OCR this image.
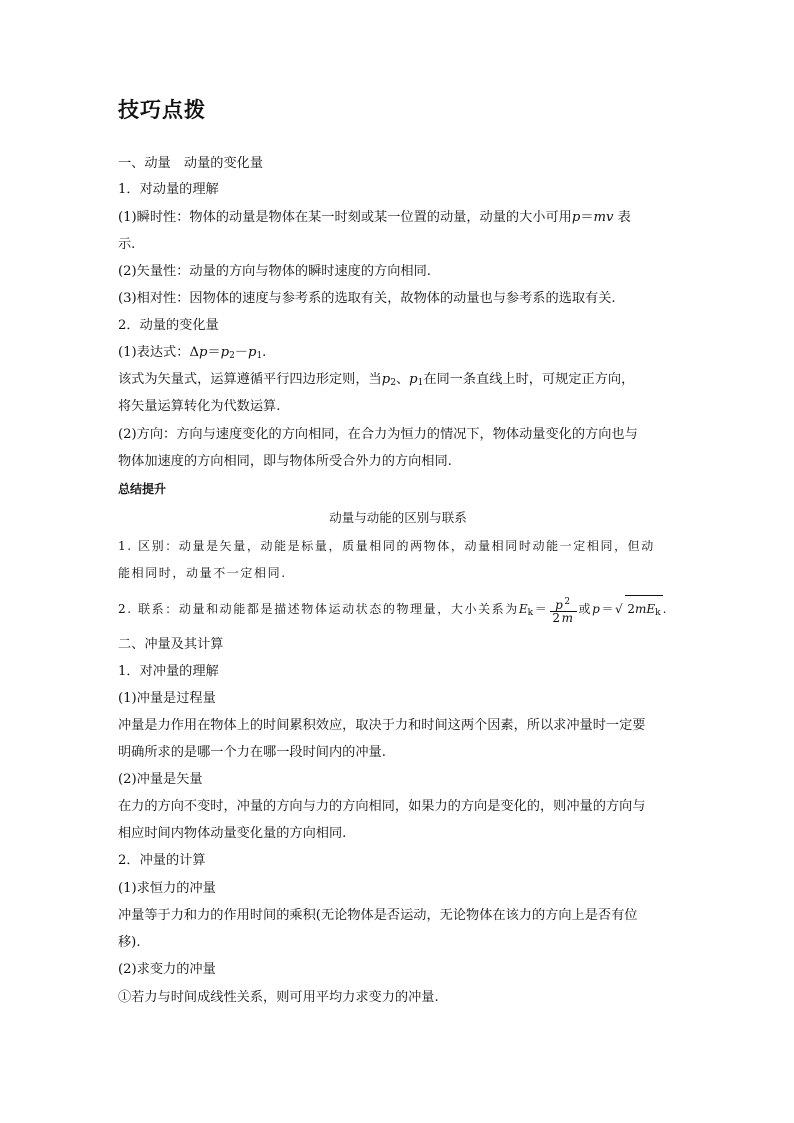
技巧点拨
一、动量　动量的变化量
1．对动量的理解
(1)瞬时性：物体的动量是物体在某一时刻或某一位置的动量，动量的大小可用p＝mv 表
示.
(2)矢量性：动量的方向与物体的瞬时速度的方向相同.
(3)相对性：因物体的速度与参考系的选取有关，故物体的动量也与参考系的选取有关.
2．动量的变化量
(1)表达式：$\Delta p=p_2-p_1$.
该式为矢量式，运算遵循平行四边形定则，当$p_2$、$p_1$在同一条直线上时，可规定正方向，
将矢量运算转化为代数运算.
(2)方向：方向与速度变化的方向相同，在合力为恒力的情况下，物体动量变化的方向也与
物体加速度的方向相同，即与物体所受合外力的方向相同.
总结提升
动量与动能的区别与联系
1. 区别：动量是矢量，动能是标量，质量相同的两物体，动量相同时动能一定相同，但动
能相同时，动量不一定相同.
2. 联系：动量和动能都是描述物体运动状态的物理量，大小关系为$E_k= \frac{p^2}{2m}$ 或p＝√ $2mE_k$ .
二、冲量及其计算
1．对冲量的理解
(1)冲量是过程量
冲量是力作用在物体上的时间累积效应，取决于力和时间这两个因素，所以求冲量时一定要
明确所求的是哪一个力在哪一段时间内的冲量.
(2)冲量是矢量
在力的方向不变时，冲量的方向与力的方向相同，如果力的方向是变化的，则冲量的方向与
相应时间内物体动量变化量的方向相同.
2．冲量的计算
(1)求恒力的冲量
冲量等于力和力的作用时间的乘积(无论物体是否运动，无论物体在该力的方向上是否有位
移).
(2)求变力的冲量
①若力与时间成线性关系，则可用平均力求变力的冲量.
